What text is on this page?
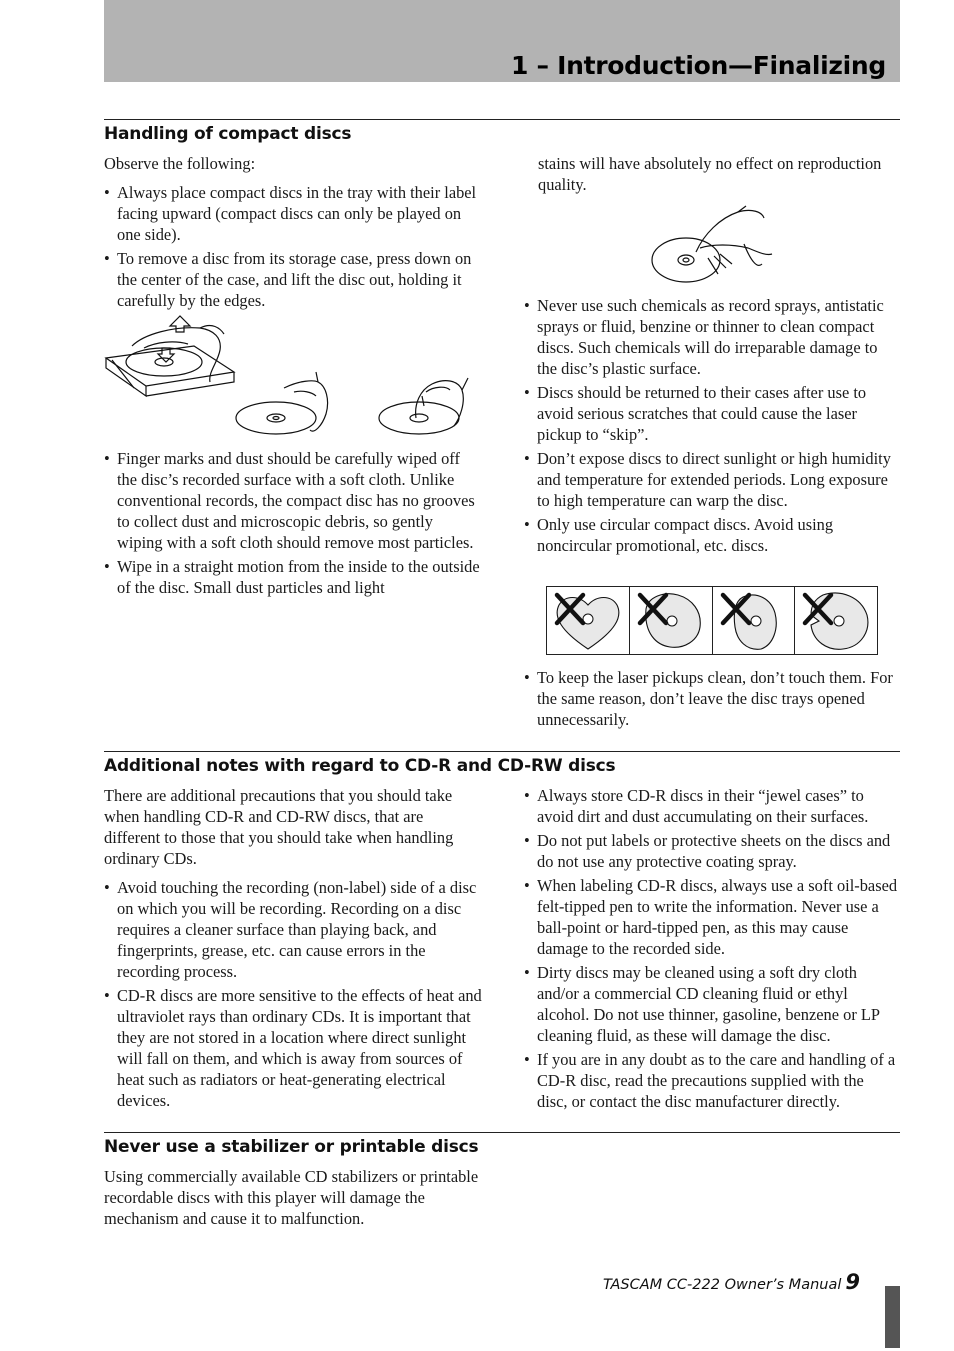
1 – Introduction—Finalizing
Handling of compact discs

Observe the following:

• Always place compact discs in the tray with their label facing upward (compact discs can only be played on one side).
• To remove a disc from its storage case, press down on the center of the case, and lift the disc out, holding it carefully by the edges.
• Finger marks and dust should be carefully wiped off the disc’s recorded surface with a soft cloth. Unlike conventional records, the compact disc has no grooves to collect dust and microscopic debris, so gently wiping with a soft cloth should remove most particles.
• Wipe in a straight motion from the inside to the outside of the disc. Small dust particles and light

stains will have absolutely no effect on reproduction quality.

• Never use such chemicals as record sprays, antistatic sprays or fluid, benzine or thinner to clean compact discs. Such chemicals will do irreparable damage to the disc’s plastic surface.
• Discs should be returned to their cases after use to avoid serious scratches that could cause the laser pickup to “skip”.
• Don’t expose discs to direct sunlight or high humidity and temperature for extended periods. Long exposure to high temperature can warp the disc.
• Only use circular compact discs. Avoid using noncircular promotional, etc. discs.
• To keep the laser pickups clean, don’t touch them. For the same reason, don’t leave the disc trays opened unnecessarily.
Additional notes with regard to CD-R and CD-RW discs

There are additional precautions that you should take when handling CD-R and CD-RW discs, that are different to those that you should take when handling ordinary CDs.

• Avoid touching the recording (non-label) side of a disc on which you will be recording. Recording on a disc requires a cleaner surface than playing back, and fingerprints, grease, etc. can cause errors in the recording process.
• CD-R discs are more sensitive to the effects of heat and ultraviolet rays than ordinary CDs. It is important that they are not stored in a location where direct sunlight will fall on them, and which is away from sources of heat such as radiators or heat-generating electrical devices.
• Always store CD-R discs in their “jewel cases” to avoid dirt and dust accumulating on their surfaces.
• Do not put labels or protective sheets on the discs and do not use any protective coating spray.
• When labeling CD-R discs, always use a soft oil-based felt-tipped pen to write the information. Never use a ball-point or hard-tipped pen, as this may cause damage to the recorded side.
• Dirty discs may be cleaned using a soft dry cloth and/or a commercial CD cleaning fluid or ethyl alcohol. Do not use thinner, gasoline, benzene or LP cleaning fluid, as these will damage the disc.
• If you are in any doubt as to the care and handling of a CD-R disc, read the precautions supplied with the disc, or contact the disc manufacturer directly.
Never use a stabilizer or printable discs

Using commercially available CD stabilizers or printable recordable discs with this player will damage the mechanism and cause it to malfunction.

TASCAM CC-222 Owner’s Manual 9
